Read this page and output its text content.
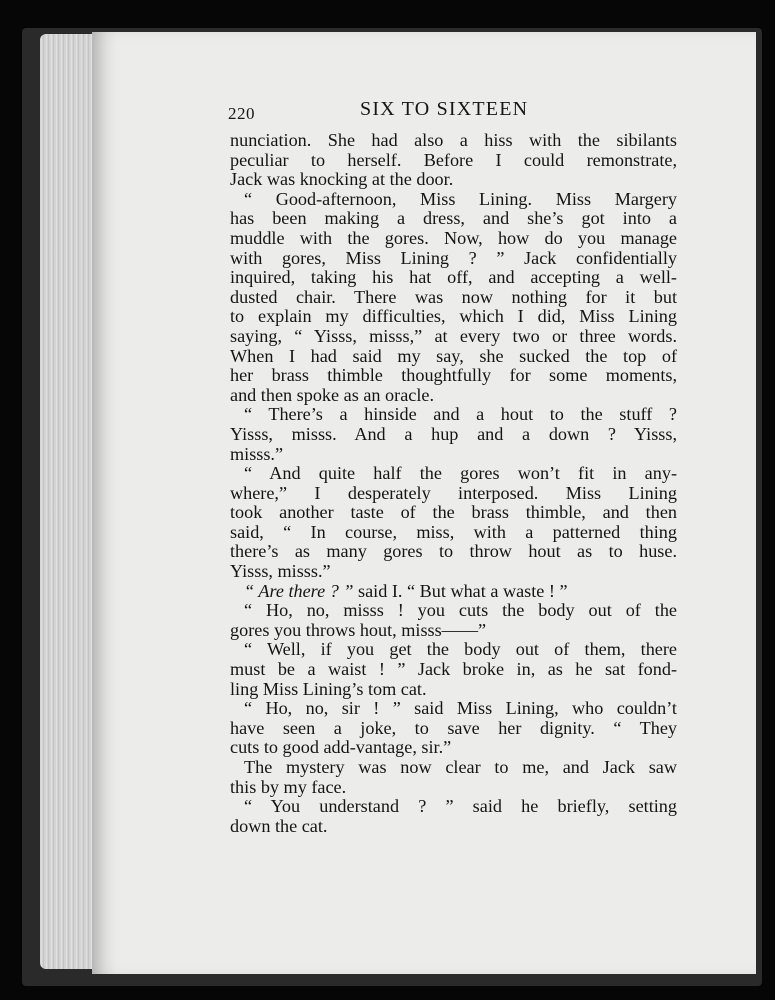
220	SIX TO SIXTEEN
nunciation. She had also a hiss with the sibilants
peculiar to herself. Before I could remonstrate,
Jack was knocking at the door.
“ Good-afternoon, Miss Lining. Miss Margery
has been making a dress, and she’s got into a
muddle with the gores. Now, how do you manage
with gores, Miss Lining ? ” Jack confidentially
inquired, taking his hat off, and accepting a well-
dusted chair. There was now nothing for it but
to explain my difficulties, which I did, Miss Lining
saying, “ Yisss, misss,” at every two or three words.
When I had said my say, she sucked the top of
her brass thimble thoughtfully for some moments,
and then spoke as an oracle.
“ There’s a hinside and a hout to the stuff ?
Yisss, misss. And a hup and a down ? Yisss,
misss.”
“ And quite half the gores won’t fit in any-
where,” I desperately interposed. Miss Lining
took another taste of the brass thimble, and then
said, “ In course, miss, with a patterned thing
there’s as many gores to throw hout as to huse.
Yisss, misss.”
“ Are there ? ” said I. “ But what a waste ! ”
“ Ho, no, misss ! you cuts the body out of the
gores you throws hout, misss——”
“ Well, if you get the body out of them, there
must be a waist ! ” Jack broke in, as he sat fond-
ling Miss Lining’s tom cat.
“ Ho, no, sir ! ” said Miss Lining, who couldn’t
have seen a joke, to save her dignity. “ They
cuts to good add-vantage, sir.”
The mystery was now clear to me, and Jack saw
this by my face.
“ You understand ? ” said he briefly, setting
down the cat.
